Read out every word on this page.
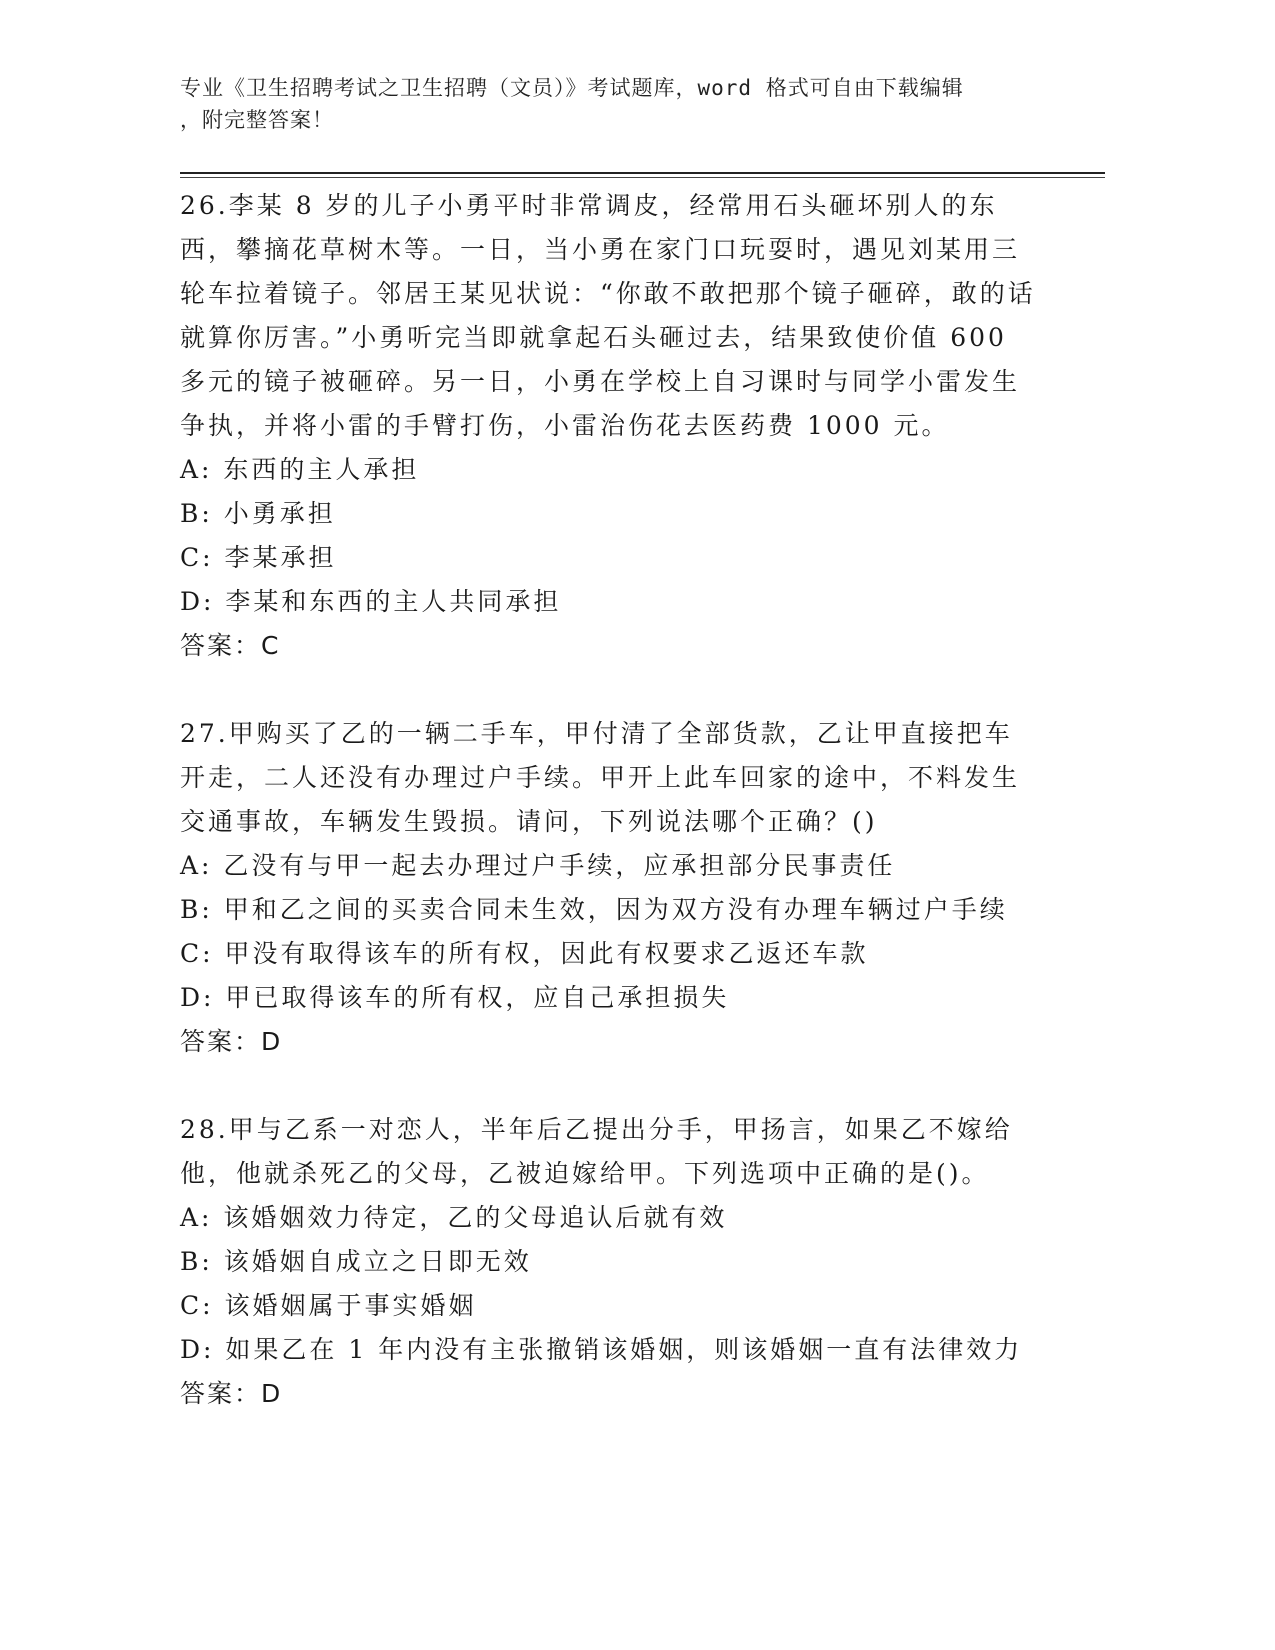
专业《卫生招聘考试之卫生招聘（文员）》考试题库，word 格式可自由下载编辑
，附完整答案！

26.李某 8 岁的儿子小勇平时非常调皮，经常用石头砸坏别人的东西，攀摘花草树木等。一日，当小勇在家门口玩耍时，遇见刘某用三轮车拉着镜子。邻居王某见状说：“你敢不敢把那个镜子砸碎，敢的话就算你厉害。”小勇听完当即就拿起石头砸过去，结果致使价值 600 多元的镜子被砸碎。另一日，小勇在学校上自习课时与同学小雷发生争执，并将小雷的手臂打伤，小雷治伤花去医药费 1000 元。

A: 东西的主人承担

B: 小勇承担

C: 李某承担

D: 李某和东西的主人共同承担

答案：C

27.甲购买了乙的一辆二手车，甲付清了全部货款，乙让甲直接把车开走，二人还没有办理过户手续。甲开上此车回家的途中，不料发生交通事故，车辆发生毁损。请问，下列说法哪个正确？()

A: 乙没有与甲一起去办理过户手续，应承担部分民事责任

B: 甲和乙之间的买卖合同未生效，因为双方没有办理车辆过户手续

C: 甲没有取得该车的所有权，因此有权要求乙返还车款

D: 甲已取得该车的所有权，应自己承担损失

答案：D

28.甲与乙系一对恋人，半年后乙提出分手，甲扬言，如果乙不嫁给他，他就杀死乙的父母，乙被迫嫁给甲。下列选项中正确的是()。

A: 该婚姻效力待定，乙的父母追认后就有效

B: 该婚姻自成立之日即无效

C: 该婚姻属于事实婚姻

D: 如果乙在 1 年内没有主张撤销该婚姻，则该婚姻一直有法律效力

答案：D
